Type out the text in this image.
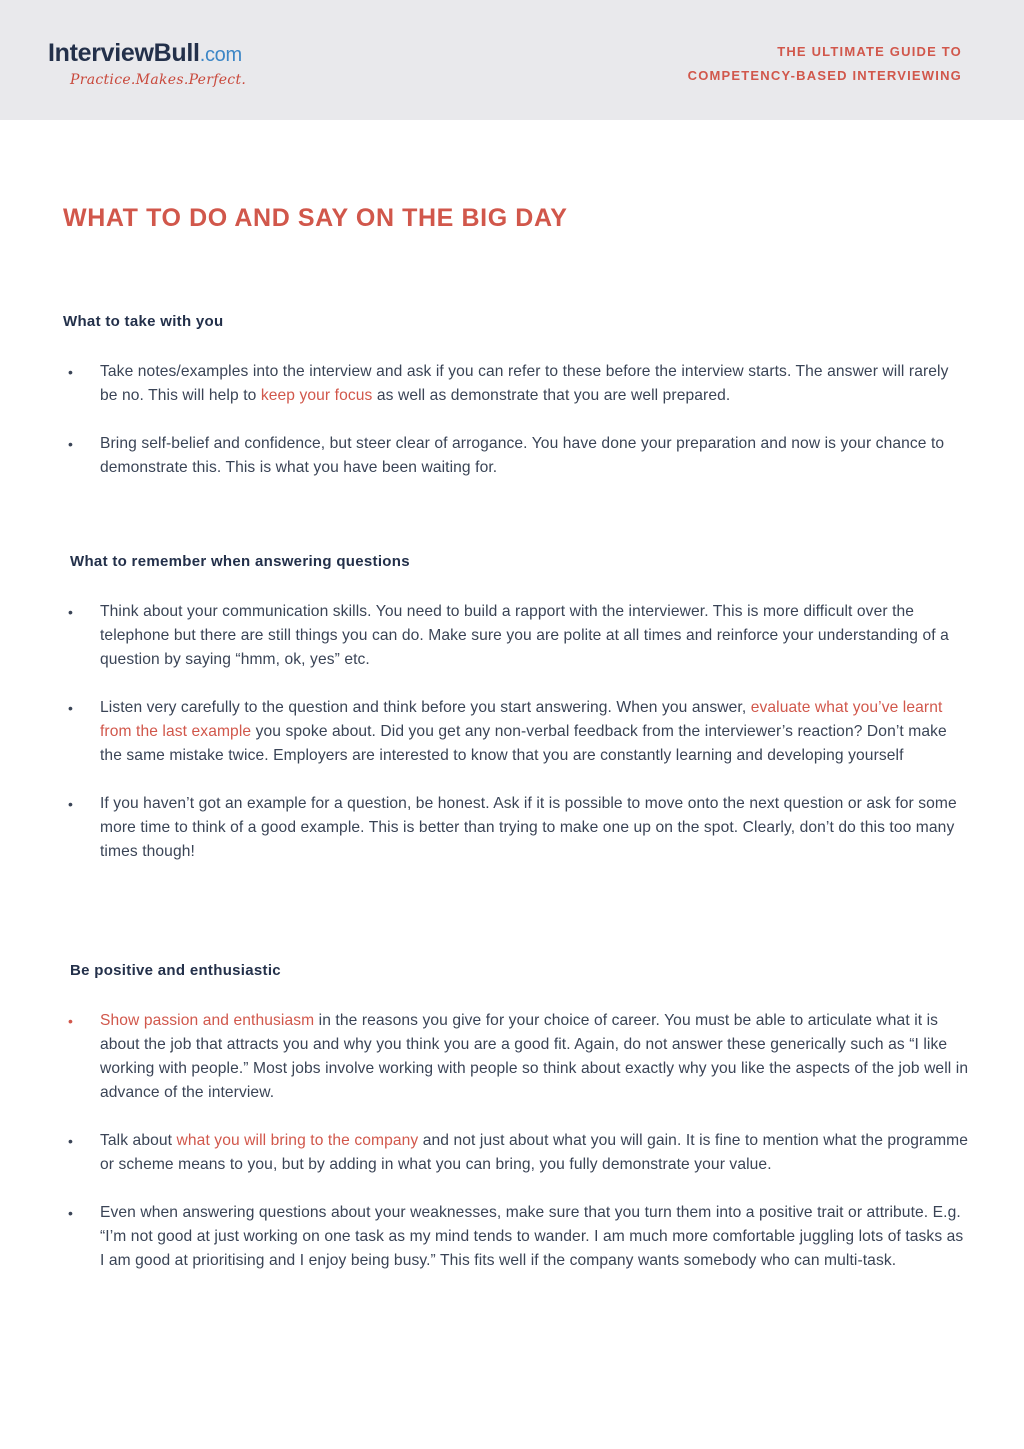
InterviewBull.com
Practice.Makes.Perfect.
THE ULTIMATE GUIDE TO
COMPETENCY-BASED INTERVIEWING
WHAT TO DO AND SAY ON THE BIG DAY
What to take with you
• Take notes/examples into the interview and ask if you can refer to these before the interview starts. The answer will rarely be no. This will help to keep your focus as well as demonstrate that you are well prepared.
• Bring self-belief and confidence, but steer clear of arrogance. You have done your preparation and now is your chance to demonstrate this. This is what you have been waiting for.
What to remember when answering questions
• Think about your communication skills. You need to build a rapport with the interviewer. This is more difficult over the telephone but there are still things you can do. Make sure you are polite at all times and reinforce your understanding of a question by saying “hmm, ok, yes” etc.
• Listen very carefully to the question and think before you start answering. When you answer, evaluate what you’ve learnt from the last example you spoke about. Did you get any non-verbal feedback from the interviewer’s reaction? Don’t make the same mistake twice. Employers are interested to know that you are constantly learning and developing yourself
• If you haven’t got an example for a question, be honest. Ask if it is possible to move onto the next question or ask for some more time to think of a good example. This is better than trying to make one up on the spot. Clearly, don’t do this too many times though!
Be positive and enthusiastic
• Show passion and enthusiasm in the reasons you give for your choice of career. You must be able to articulate what it is about the job that attracts you and why you think you are a good fit. Again, do not answer these generically such as “I like working with people.” Most jobs involve working with people so think about exactly why you like the aspects of the job well in advance of the interview.
• Talk about what you will bring to the company and not just about what you will gain. It is fine to mention what the programme or scheme means to you, but by adding in what you can bring, you fully demonstrate your value.
• Even when answering questions about your weaknesses, make sure that you turn them into a positive trait or attribute. E.g. “I’m not good at just working on one task as my mind tends to wander. I am much more comfortable juggling lots of tasks as I am good at prioritising and I enjoy being busy.” This fits well if the company wants somebody who can multi-task.
